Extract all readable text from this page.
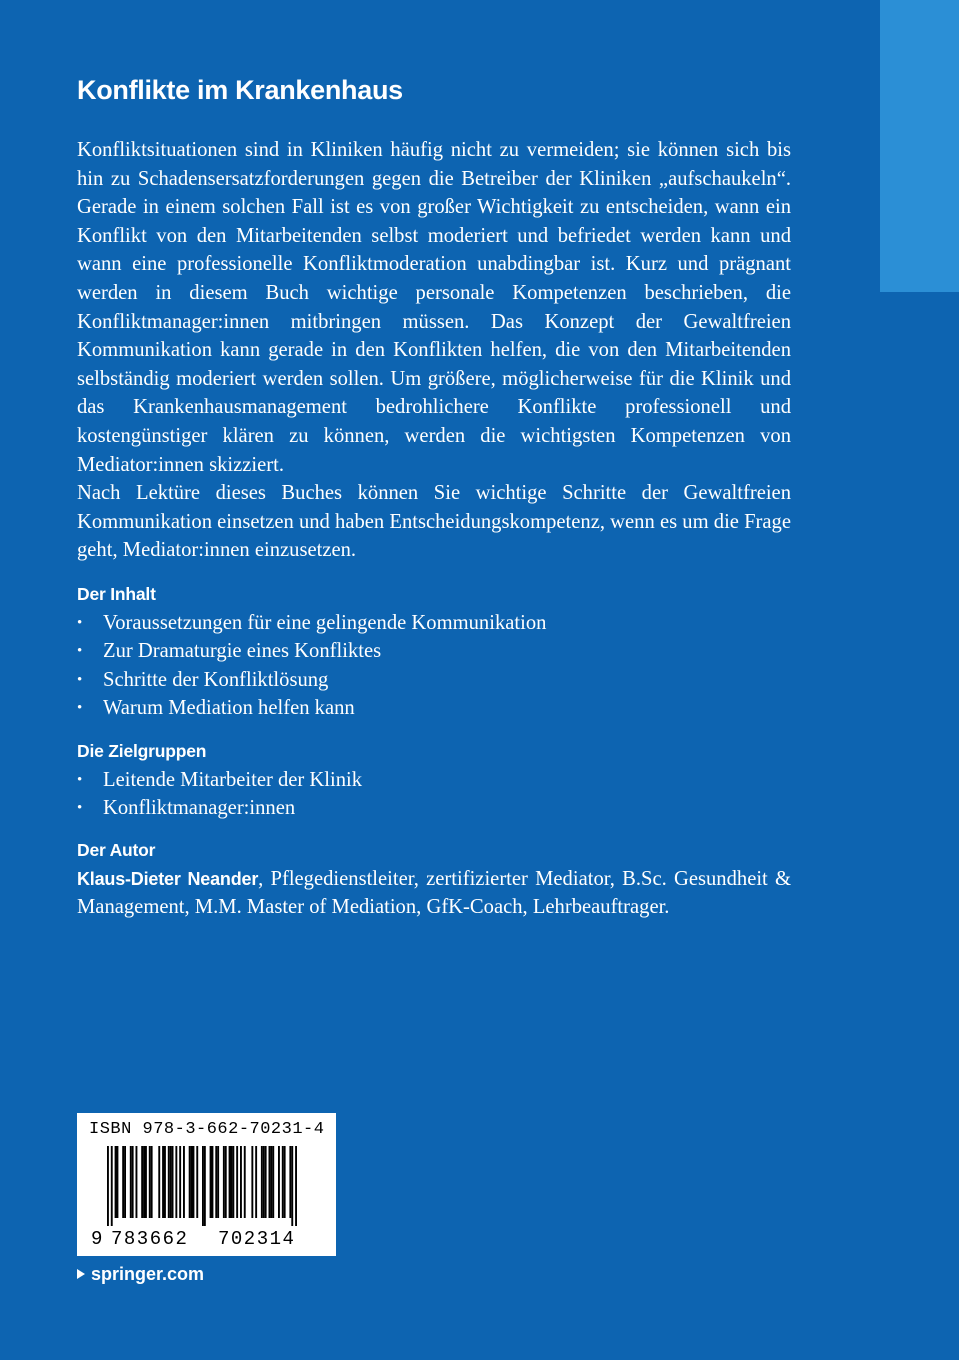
Konflikte im Krankenhaus
Konfliktsituationen sind in Kliniken häufig nicht zu vermeiden; sie können sich bis hin zu Schadensersatzforderungen gegen die Betreiber der Kliniken „aufschaukeln“. Gerade in einem solchen Fall ist es von großer Wichtigkeit zu entscheiden, wann ein Konflikt von den Mitarbeitenden selbst moderiert und befriedet werden kann und wann eine professionelle Konfliktmoderation unabdingbar ist. Kurz und prägnant werden in diesem Buch wichtige personale Kompetenzen beschrieben, die Konfliktmanager:innen mitbringen müssen. Das Konzept der Gewaltfreien Kommunikation kann gerade in den Konflikten helfen, die von den Mitarbeitenden selbständig moderiert werden sollen. Um größere, möglicherweise für die Klinik und das Krankenhausmanagement bedrohlichere Konflikte professionell und kostengünstiger klären zu können, werden die wichtigsten Kompetenzen von Mediator:innen skizziert.
Nach Lektüre dieses Buches können Sie wichtige Schritte der Gewaltfreien Kommunikation einsetzen und haben Entscheidungskompetenz, wenn es um die Frage geht, Mediator:innen einzusetzen.
Der Inhalt
• Voraussetzungen für eine gelingende Kommunikation
• Zur Dramaturgie eines Konfliktes
• Schritte der Konfliktlösung
• Warum Mediation helfen kann
Die Zielgruppen
• Leitende Mitarbeiter der Klinik
• Konfliktmanager:innen
Der Autor
Klaus-Dieter Neander, Pflegedienstleiter, zertifizierter Mediator, B.Sc. Gesundheit & Management, M.M. Master of Mediation, GfK-Coach, Lehrbeauftrager.
ISBN 978-3-662-70231-4
9 783662 702314
springer.com
